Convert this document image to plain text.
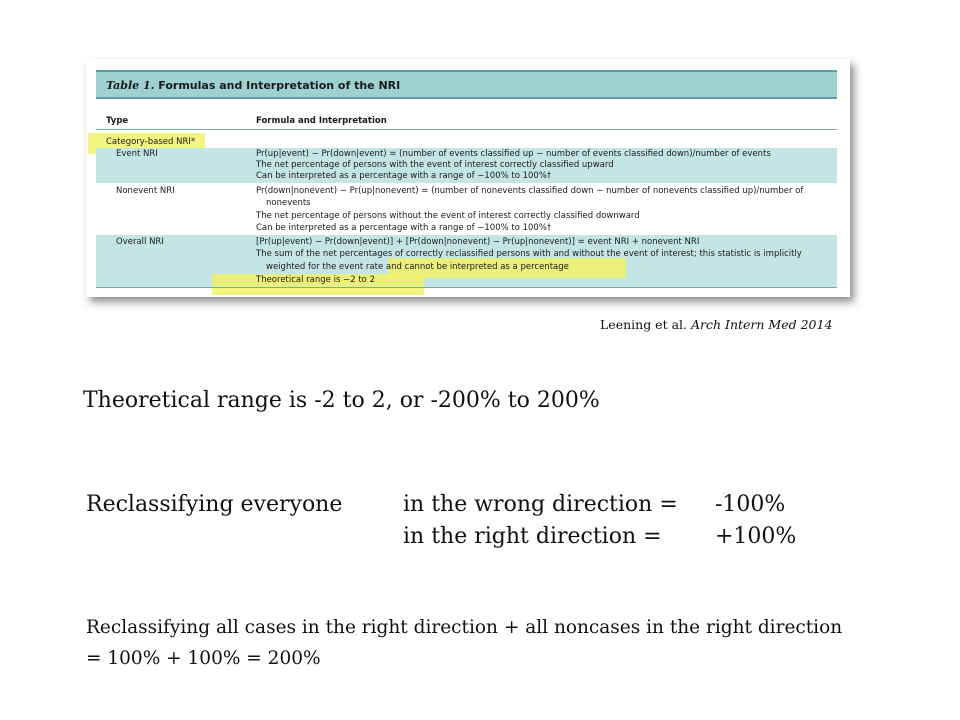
Table 1. Formulas and Interpretation of the NRI
Type	Formula and Interpretation
Category-based NRI*
Event NRI	Pr(up|event) − Pr(down|event) = (number of events classified up − number of events classified down)/number of events
The net percentage of persons with the event of interest correctly classified upward
Can be interpreted as a percentage with a range of −100% to 100%†
Nonevent NRI	Pr(down|nonevent) − Pr(up|nonevent) = (number of nonevents classified down − number of nonevents classified up)/number of
nonevents
The net percentage of persons without the event of interest correctly classified downward
Can be interpreted as a percentage with a range of −100% to 100%†
Overall NRI	[Pr(up|event) − Pr(down|event)] + [Pr(down|nonevent) − Pr(up|nonevent)] = event NRI + nonevent NRI
The sum of the net percentages of correctly reclassified persons with and without the event of interest; this statistic is implicitly
weighted for the event rate and cannot be interpreted as a percentage
Theoretical range is −2 to 2
Leening et al. Arch Intern Med 2014
Theoretical range is -2 to 2, or -200% to 200%
Reclassifying everyone	in the wrong direction = -100%
in the right direction = +100%
Reclassifying all cases in the right direction + all noncases in the right direction
= 100% + 100% = 200%
